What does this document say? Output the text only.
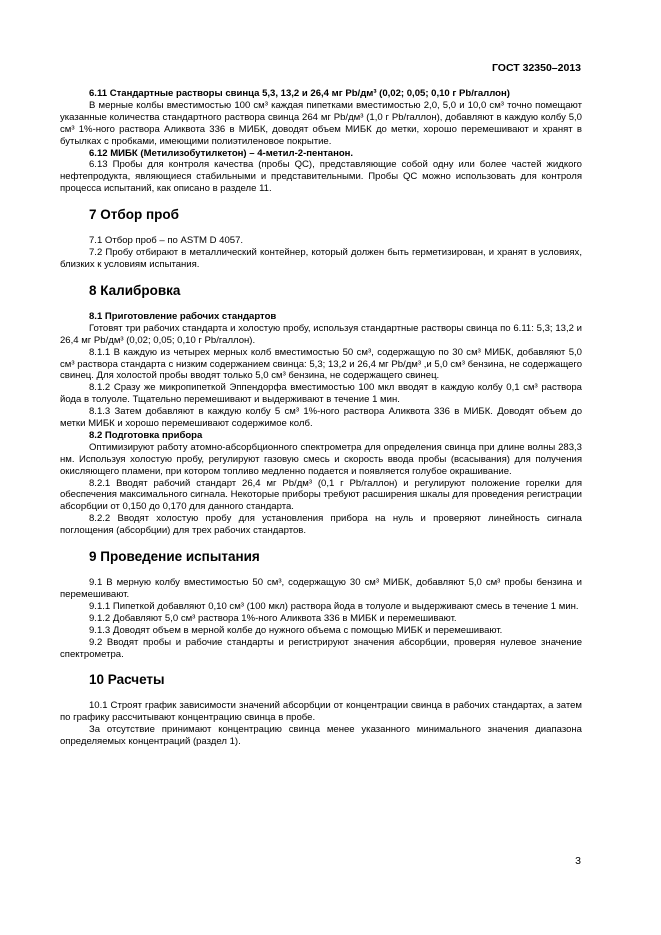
ГОСТ 32350–2013

6.11 Стандартные растворы свинца 5,3, 13,2 и 26,4 мг Pb/дм³ (0,02; 0,05; 0,10 г Pb/галлон)

В мерные колбы вместимостью 100 см³ каждая пипетками вместимостью 2,0, 5,0 и 10,0 см³ точно помещают указанные количества стандартного раствора свинца 264 мг Pb/дм³ (1,0 г Pb/галлон), добавляют в каждую колбу 5,0 см³ 1%-ного раствора Аликвота 336 в МИБК, доводят объем МИБК до метки, хорошо перемешивают и хранят в бутылках с пробками, имеющими полиэтиленовое покрытие.

6.12 МИБК (Метилизобутилкетон) – 4-метил-2-пентанон.

6.13 Пробы для контроля качества (пробы QC), представляющие собой одну или более частей жидкого нефтепродукта, являющиеся стабильными и представительными. Пробы QC можно использовать для контроля процесса испытаний, как описано в разделе 11.

7 Отбор проб

7.1 Отбор проб – по ASTM D 4057.

7.2 Пробу отбирают в металлический контейнер, который должен быть герметизирован, и хранят в условиях, близких к условиям испытания.

8 Калибровка

8.1 Приготовление рабочих стандартов

Готовят три рабочих стандарта и холостую пробу, используя стандартные растворы свинца по 6.11: 5,3; 13,2 и 26,4 мг Pb/дм³ (0,02; 0,05; 0,10 г Pb/галлон).

8.1.1 В каждую из четырех мерных колб вместимостью 50 см³, содержащую по 30 см³ МИБК, добавляют 5,0 см³ раствора стандарта с низким содержанием свинца: 5,3; 13,2 и 26,4 мг Pb/дм³ ,и 5,0 см³ бензина, не содержащего свинец. Для холостой пробы вводят только 5,0 см³ бензина, не содержащего свинец.

8.1.2 Сразу же микропипеткой Эппендорфа вместимостью 100 мкл вводят в каждую колбу 0,1 см³ раствора йода в толуоле. Тщательно перемешивают и выдерживают в течение 1 мин.

8.1.3 Затем добавляют в каждую колбу 5 см³ 1%-ного раствора Аликвота 336 в МИБК. Доводят объем до метки МИБК и хорошо перемешивают содержимое колб.

8.2 Подготовка прибора

Оптимизируют работу атомно-абсорбционного спектрометра для определения свинца при длине волны 283,3 нм. Используя холостую пробу, регулируют газовую смесь и скорость ввода пробы (всасывания) для получения окисляющего пламени, при котором топливо медленно подается и появляется голубое окрашивание.

8.2.1 Вводят рабочий стандарт 26,4 мг Pb/дм³ (0,1 г Pb/галлон) и регулируют положение горелки для обеспечения максимального сигнала. Некоторые приборы требуют расширения шкалы для проведения регистрации абсорбции от 0,150 до 0,170 для данного стандарта.

8.2.2 Вводят холостую пробу для установления прибора на нуль и проверяют линейность сигнала поглощения (абсорбции) для трех рабочих стандартов.

9 Проведение испытания

9.1 В мерную колбу вместимостью 50 см³, содержащую 30 см³ МИБК, добавляют 5,0 см³ пробы бензина и перемешивают.

9.1.1 Пипеткой добавляют 0,10 см³ (100 мкл) раствора йода в толуоле и выдерживают смесь в течение 1 мин.

9.1.2 Добавляют 5,0 см³ раствора 1%-ного Аликвота 336 в МИБК и перемешивают.

9.1.3 Доводят объем в мерной колбе до нужного объема с помощью МИБК и перемешивают.

9.2 Вводят пробы и рабочие стандарты и регистрируют значения абсорбции, проверяя нулевое значение спектрометра.

10 Расчеты

10.1 Строят график зависимости значений абсорбции от концентрации свинца в рабочих стандартах, а затем по графику рассчитывают концентрацию свинца в пробе.

За отсутствие принимают концентрацию свинца менее указанного минимального значения диапазона определяемых концентраций (раздел 1).

3
